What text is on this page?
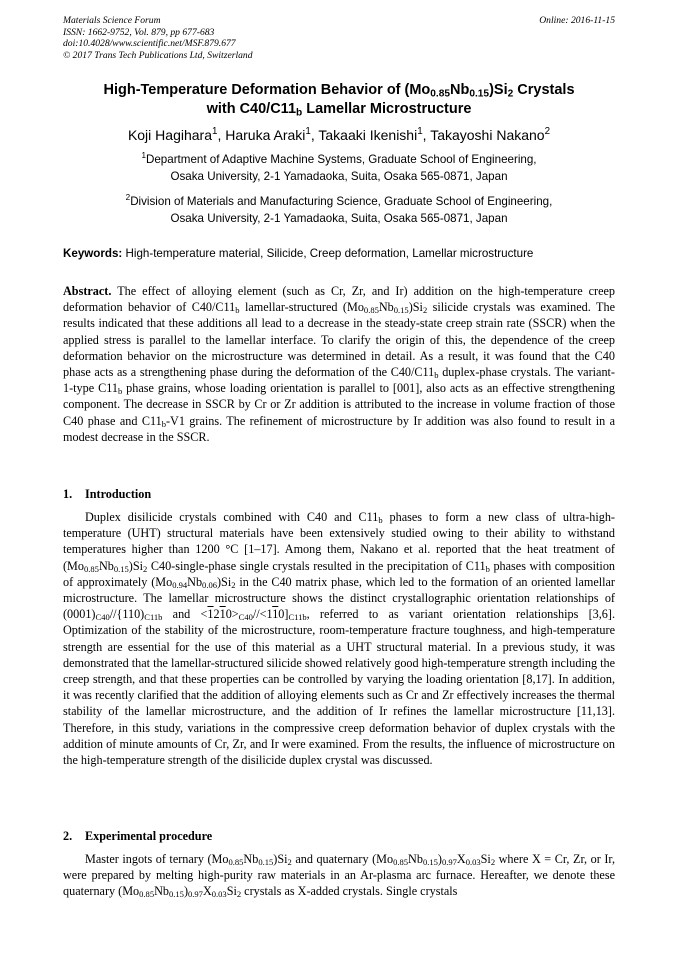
Materials Science Forum
ISSN: 1662-9752, Vol. 879, pp 677-683
doi:10.4028/www.scientific.net/MSF.879.677
© 2017 Trans Tech Publications Ltd, Switzerland
Online: 2016-11-15
High-Temperature Deformation Behavior of $(Mo_{0.85}Nb_{0.15})Si_2$ Crystals
with $C40/C11_b$ Lamellar Microstructure
Koji Hagihara$^1$, Haruka Araki$^1$, Takaaki Ikenishi$^1$, Takayoshi Nakano$^2$
$^1$Department of Adaptive Machine Systems, Graduate School of Engineering,
Osaka University, 2-1 Yamadaoka, Suita, Osaka 565-0871, Japan
$^2$Division of Materials and Manufacturing Science, Graduate School of Engineering,
Osaka University, 2-1 Yamadaoka, Suita, Osaka 565-0871, Japan
Keywords: High-temperature material, Silicide, Creep deformation, Lamellar microstructure
Abstract. The effect of alloying element (such as Cr, Zr, and Ir) addition on the high-temperature creep deformation behavior of $C40/C11_b$ lamellar-structured $(Mo_{0.85}Nb_{0.15})Si_2$ silicide crystals was examined. The results indicated that these additions all lead to a decrease in the steady-state creep strain rate (SSCR) when the applied stress is parallel to the lamellar interface. To clarify the origin of this, the dependence of the creep deformation behavior on the microstructure was determined in detail. As a result, it was found that the C40 phase acts as a strengthening phase during the deformation of the $C40/C11_b$ duplex-phase crystals. The variant-1-type $C11_b$ phase grains, whose loading orientation is parallel to [001], also acts as an effective strengthening component. The decrease in SSCR by Cr or Zr addition is attributed to the increase in volume fraction of those C40 phase and $C11_b-V1$ grains. The refinement of microstructure by Ir addition was also found to result in a modest decrease in the SSCR.
1. Introduction
Duplex disilicide crystals combined with C40 and $C11_b$ phases to form a new class of ultra-high-temperature (UHT) structural materials have been extensively studied owing to their ability to withstand temperatures higher than 1200 °C [1–17]. Among them, Nakano et al. reported that the heat treatment of $(Mo_{0.85}Nb_{0.15})Si_2$ C40-single-phase single crystals resulted in the precipitation of $C11_b$ phases with composition of approximately $(Mo_{0.94}Nb_{0.06})Si_2$ in the C40 matrix phase, which led to the formation of an oriented lamellar microstructure. The lamellar microstructure shows the distinct crystallographic orientation relationships of $(0001)_{C40}//\{110)_{C11b}$ and $<1210>_{C40}//<110]_{C11b}$, referred to as variant orientation relationships [3,6]. Optimization of the stability of the microstructure, room-temperature fracture toughness, and high-temperature strength are essential for the use of this material as a UHT structural material. In a previous study, it was demonstrated that the lamellar-structured silicide showed relatively good high-temperature strength including the creep strength, and that these properties can be controlled by varying the loading orientation [8,17]. In addition, it was recently clarified that the addition of alloying elements such as Cr and Zr effectively increases the thermal stability of the lamellar microstructure, and the addition of Ir refines the lamellar microstructure [11,13]. Therefore, in this study, variations in the compressive creep deformation behavior of duplex crystals with the addition of minute amounts of Cr, Zr, and Ir were examined. From the results, the influence of microstructure on the high-temperature strength of the disilicide duplex crystal was discussed.
2. Experimental procedure
Master ingots of ternary $(Mo_{0.85}Nb_{0.15})Si_2$ and quaternary $(Mo_{0.85}Nb_{0.15})_{0.97}X_{0.03}Si_2$ where X = Cr, Zr, or Ir, were prepared by melting high-purity raw materials in an Ar-plasma arc furnace. Hereafter, we denote these quaternary $(Mo_{0.85}Nb_{0.15})_{0.97}X_{0.03}Si_2$ crystals as X-added crystals. Single crystals
